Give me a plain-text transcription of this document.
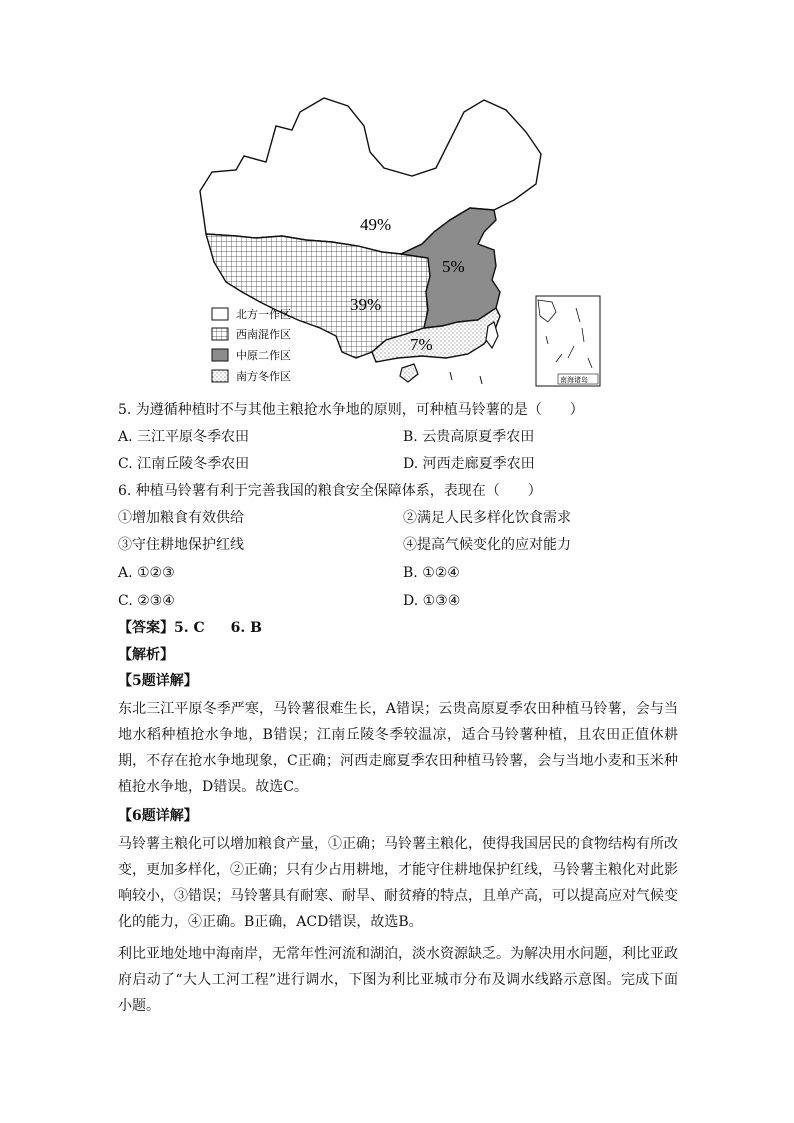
49%
5%
39%
7%
北方一作区
西南混作区
中原二作区
南方冬作区	南海诸岛
5. 为遵循种植时不与其他主粮抢水争地的原则，可种植马铃薯的是（　　）
A. 三江平原冬季农田	B. 云贵高原夏季农田
C. 江南丘陵冬季农田	D. 河西走廊夏季农田
6. 种植马铃薯有利于完善我国的粮食安全保障体系，表现在（　　）
①增加粮食有效供给	②满足人民多样化饮食需求
③守住耕地保护红线	④提高气候变化的应对能力
A. ①②③	B. ①②④
C. ②③④	D. ①③④
【答案】5. C 6. B
【解析】
【5题详解】
东北三江平原冬季严寒，马铃薯很难生长，A错误；云贵高原夏季农田种植马铃薯，会与当地水稻种植抢水争地，B错误；江南丘陵冬季较温凉，适合马铃薯种植，且农田正值休耕期，不存在抢水争地现象，C正确；河西走廊夏季农田种植马铃薯，会与当地小麦和玉米种植抢水争地，D错误。故选C。
【6题详解】
马铃薯主粮化可以增加粮食产量，①正确；马铃薯主粮化，使得我国居民的食物结构有所改变，更加多样化，②正确；只有少占用耕地，才能守住耕地保护红线，马铃薯主粮化对此影响较小，③错误；马铃薯具有耐寒、耐旱、耐贫瘠的特点，且单产高，可以提高应对气候变化的能力，④正确。B正确，ACD错误，故选B。
利比亚地处地中海南岸，无常年性河流和湖泊，淡水资源缺乏。为解决用水问题，利比亚政府启动了“大人工河工程”进行调水，下图为利比亚城市分布及调水线路示意图。完成下面小题。
